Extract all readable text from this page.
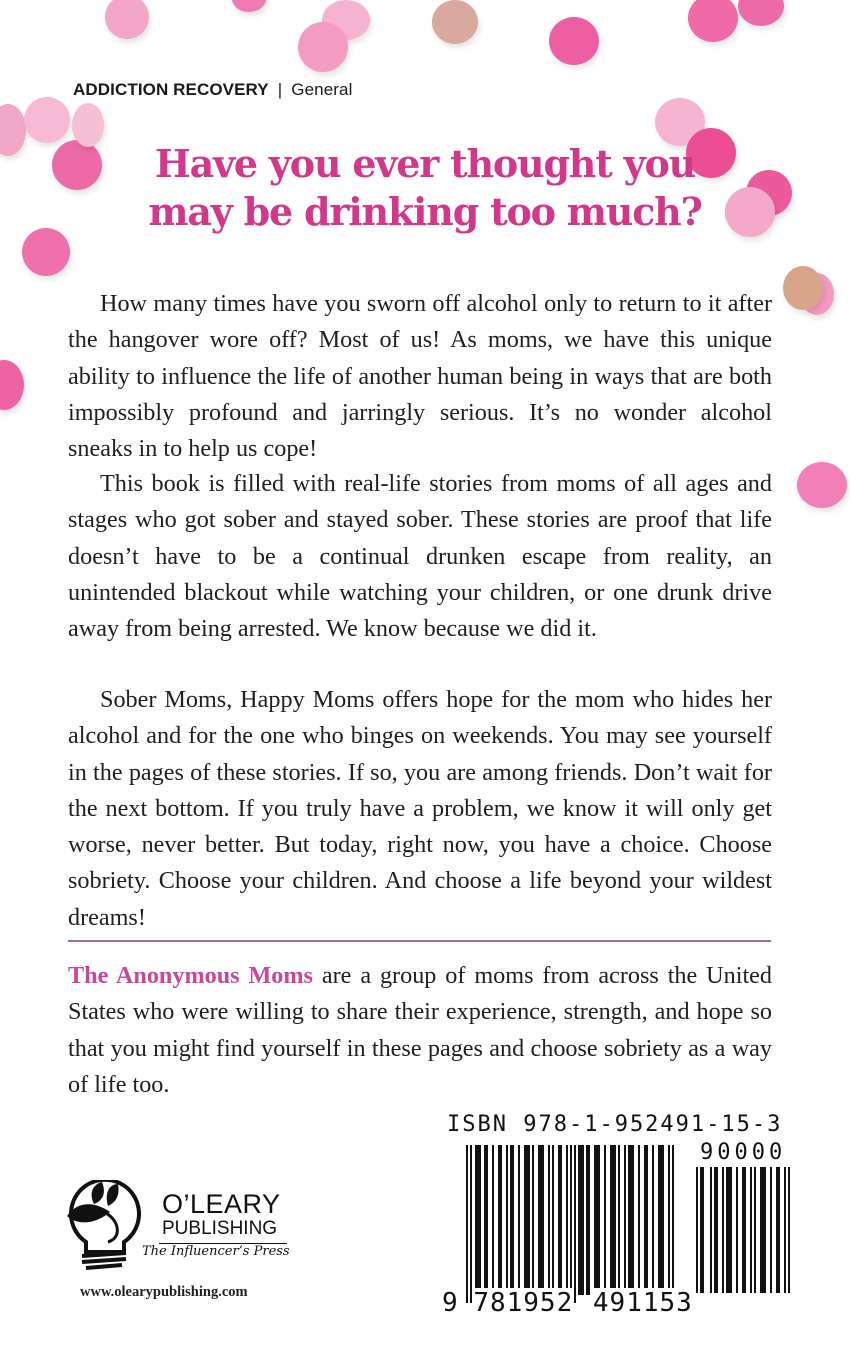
ADDICTION RECOVERY | General
Have you ever thought you
may be drinking too much?

How many times have you sworn off alcohol only to return to it after the hangover wore off? Most of us! As moms, we have this unique ability to influence the life of another human being in ways that are both impossibly profound and jarringly serious. It’s no wonder alcohol sneaks in to help us cope!

This book is filled with real-life stories from moms of all ages and stages who got sober and stayed sober. These stories are proof that life doesn’t have to be a continual drunken escape from reality, an unintended blackout while watching your children, or one drunk drive away from being arrested. We know because we did it.

Sober Moms, Happy Moms offers hope for the mom who hides her alcohol and for the one who binges on weekends. You may see yourself in the pages of these stories. If so, you are among friends. Don’t wait for the next bottom. If you truly have a problem, we know it will only get worse, never better. But today, right now, you have a choice. Choose sobriety. Choose your children. And choose a life beyond your wildest dreams!

The Anonymous Moms are a group of moms from across the United States who were willing to share their experience, strength, and hope so that you might find yourself in these pages and choose sobriety as a way of life too.

O’LEARY
PUBLISHING
The Influencer’s Press
www.olearypublishing.com
ISBN 978-1-952491-15-3
90000
9 781952 491153
